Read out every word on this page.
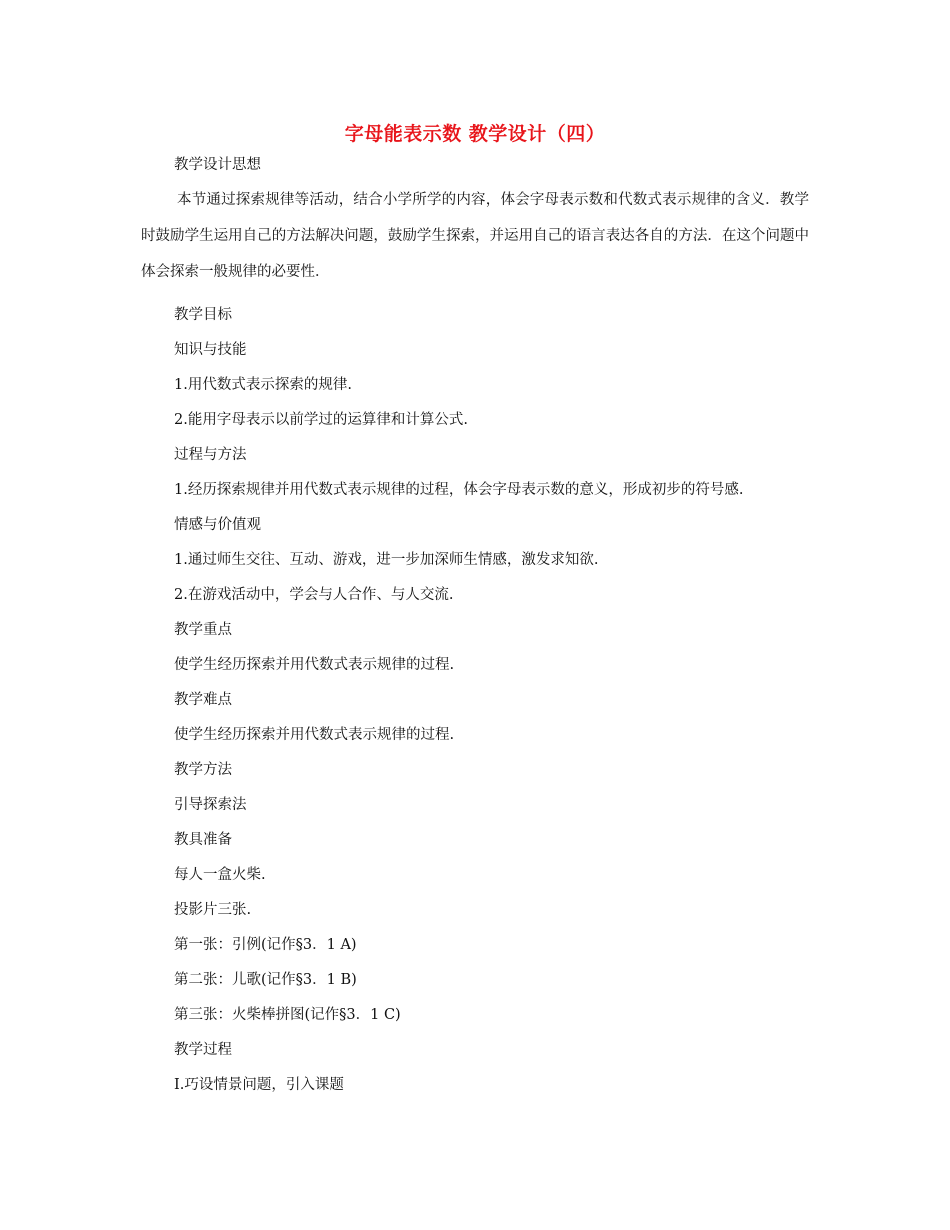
字母能表示数 教学设计（四）
教学设计思想
本节通过探索规律等活动，结合小学所学的内容，体会字母表示数和代数式表示规律的含义．教学时鼓励学生运用自己的方法解决问题，鼓励学生探索，并运用自己的语言表达各自的方法．在这个问题中体会探索一般规律的必要性．
教学目标
知识与技能
1.用代数式表示探索的规律.
2.能用字母表示以前学过的运算律和计算公式.
过程与方法
1.经历探索规律并用代数式表示规律的过程，体会字母表示数的意义，形成初步的符号感.
情感与价值观
1.通过师生交往、互动、游戏，进一步加深师生情感，激发求知欲.
2.在游戏活动中，学会与人合作、与人交流.
教学重点
使学生经历探索并用代数式表示规律的过程.
教学难点
使学生经历探索并用代数式表示规律的过程.
教学方法
引导探索法
教具准备
每人一盒火柴.
投影片三张.
第一张：引例(记作§3．1 A)
第二张：儿歌(记作§3．1 B)
第三张：火柴棒拼图(记作§3．1 C)
教学过程
Ⅰ.巧设情景问题，引入课题
